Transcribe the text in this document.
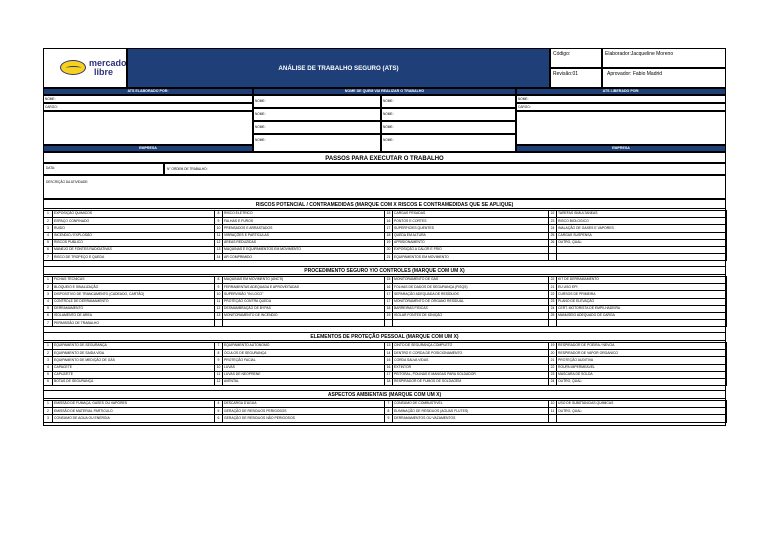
mercado
libre	ANÁLISE DE TRABALHO SEGURO (ATS)
Código:	Elaborador:Jacqueline Moreno
Revisão:01	Aprovador: Fabio Madrid
ATS ELABORADO POR:	NOME DE QUEM VAI REALIZAR O TRABALHO	ATS LIBERADO POR:
NOME:
CARGO:
EMPRESA
NOME:	NOME:
NOME:	NOME:
NOME:	NOME:
NOME:	NOME:
NOME:
CARGO:
EMPRESA
PASSOS PARA EXECUTAR O TRABALHO
DATA:	N° ORDEM DE TRABALHO:
DESCRIÇÃO DA ATIVIDADE:
RISCOS POTENCIAL / CONTRAMEDIDAS (MARQUE COM X RISCOS E CONTRAMEDIDAS QUE SE APLIQUE)
1	EXPOSIÇÃO QUIMICOS	8	RISCO ELETRICO	15	CARGAS PESADAS	22	TAREFAS SIMULTANEAS
2	ESPAÇO CONFINADO	9	FALHAS E FUROS	16	PONTOS E CORTES	23	RISCO BIOLOGICO
3	RUIDO	10	PRENSADOS E ARRASTADOS	17	SUPERFICIES QUENTES	24	INALAÇÃO DE GASES E VAPORES
4	INCENDIO / EXPLOSÃO	11	VIBRAÇÕES E PARTÍCULAS	18	QUEDA EM ALTURA	25	CARGAS SUSPENSA
5	RISCOS PUBLICO	12	ÁREAS REDUZIDAS	19	APRISIONAMENTO	26	OUTRO, QUAL:
6	MANEJO DE FONTES RADIOATIVAS	13	MAQUINAS E EQUIPAMENTOS EM MOVIMENTO	20	EXPOSIÇÃO A CALOR E FRIO		
7	RISCO DE TROPEÇO E QUEDA	14	AR COMPRIMIDO	21	EQUIPAMENTOS EM MOVIMENTO		
PROCEDIMENTO SEGURO Y/O CONTROLES (MARQUE COM UM X)
1	FICHAS TÉCNICAS	8	MAQUINAS EM MOVIMENTO (ANC'S)	15	MONITORAMENTO DE GÁS	22	KIT DE DERRAMAMENTO
2	BLOQUEIO E SINALIZAÇÃO	9	FERRAMENTAS ADEQUADA E APROVEITADAS	16	FOLHAS DE DADOS DE SEGURANÇA (FISQS)	21	EU USO EPI
3	DISPOSITIVO DE TRANCAMENTO (CADEADO, CARTÃO)	10	SUPERVISÃO "IN LOCO"	17	SEPARAÇÃO ADEQUADA DE RESÍDUOS	22	CURSOS DE PRIMEIRA
4	CONTROLE DE DERRAMAMENTO	11	PROTEÇÃO CONTRA QUEDA	17	MONITORAMENTO DE ORGANO RESIDUAL	23	PLANO DE ELEVAÇÃO
5	DERRAMAMENTO	12	DESMAMBRAÇÃO DE BYPAS	18	BARREIRAS FÍSICAS	24	CERT. MOTORISTA DE EMPILHADEIRA
6	ISOLAMENTO DE ÁREA	13	MONITORAMENTO DE INCENDIO	19	ISOLAR FONTES DE IGNIÇÃO	25	MANUSEIO ADEQUADO DE CARGA
7	PERMISSÃO DE TRABALHO						
ELEMENTOS DE PROTEÇÃO PESSOAL (MARQUE COM UM X)
1	EQUIPAMENTO DE SEGURANÇA	7	EQUIPAMENTO AUTONOMO	13	CINTO DE SEGURANÇA COMPLETO	19	RESPIRADOR DE POEIRA / NEVOA
2	EQUIPAMENTO DE SAIDA VIDA	8	ÓCULOS DE SEGURANÇA	14	DENTRO E CORDA DE POSICIONAMENTO	20	RESPIRADOR DE VAPOR ORGANICO
3	EQUIPAMENTO DE MEDIÇÃO DE GÁS	9	PROTEÇÃO FACIAL	15	CORDA SALVA VIDAS	21	PROTEÇÃO AUDITIVA
4	CAPACETE	10	LUVAS	16	EXTINTOR	22	ROUPA IMPERMEÁVEL
5	CAPUZ/ETE	11	LUVAS DE NEOPRENE	17	PEITORAL, POLINAS E MANGAS PARA SOLDADOR	23	MASCARA DE SOLDA
6	BOTAS DE SEGURANÇA	12	AVENTAL	18	RESPIRADOR DE FUMOS DE SOLDAGEM	24	OUTRO, QUAL:
ASPECTOS AMBIENTAIS (MARQUE COM UM X)
1	EMISSÃO DE FUMAÇA, GASES OU VAPORES	4	DESCARGA D'ÁGUA	7	CONSUMO DE COMBUSTIVEL	10	USO DE SUBSTANCIAS QUIMICAS
2	EMISSÃO DE MATERIAL PARTICULO	5	GERAÇÃO DE RESIDUOS PERIGOSOS	8	ELIMINAÇÃO DE RESIDUOS (AGUAS FLUTES)	11	OUTRO, QUAL:
3	CONSUMO DE AGUA OU ENERGIA	6	GERAÇÃO DE RESIDUOS NÃO PERIGOSOS	9	DERRAMAMENTOS OU VAZAMENTOS		
